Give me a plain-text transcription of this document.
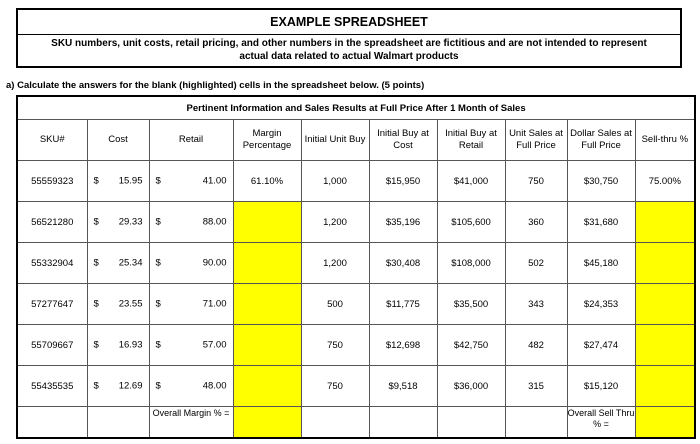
EXAMPLE SPREADSHEET
SKU numbers, unit costs, retail pricing, and other numbers in the spreadsheet are fictitious and are not intended to represent actual data related to actual Walmart products
a) Calculate the answers for the blank (highlighted) cells in the spreadsheet below. (5 points)
Pertinent Information and Sales Results at Full Price After 1 Month of Sales									
SKU#	Cost	Retail	Margin Percentage	Initial Unit Buy	Initial Buy at Cost	Initial Buy at Retail	Unit Sales at Full Price	Dollar Sales at Full Price	Sell-thru %
55559323	$ 15.95	$ 41.00	61.10%	1,000	$15,950	$41,000	750	$30,750	75.00%
56521280	$ 29.33	$ 88.00		1,200	$35,196	$105,600	360	$31,680	
55332904	$ 25.34	$ 90.00		1,200	$30,408	$108,000	502	$45,180	
57277647	$ 23.55	$ 71.00		500	$11,775	$35,500	343	$24,353	
55709667	$ 16.93	$ 57.00		750	$12,698	$42,750	482	$27,474	
55435535	$ 12.69	$ 48.00		750	$9,518	$36,000	315	$15,120	
		Overall Margin % =						Overall Sell Thru % =	
